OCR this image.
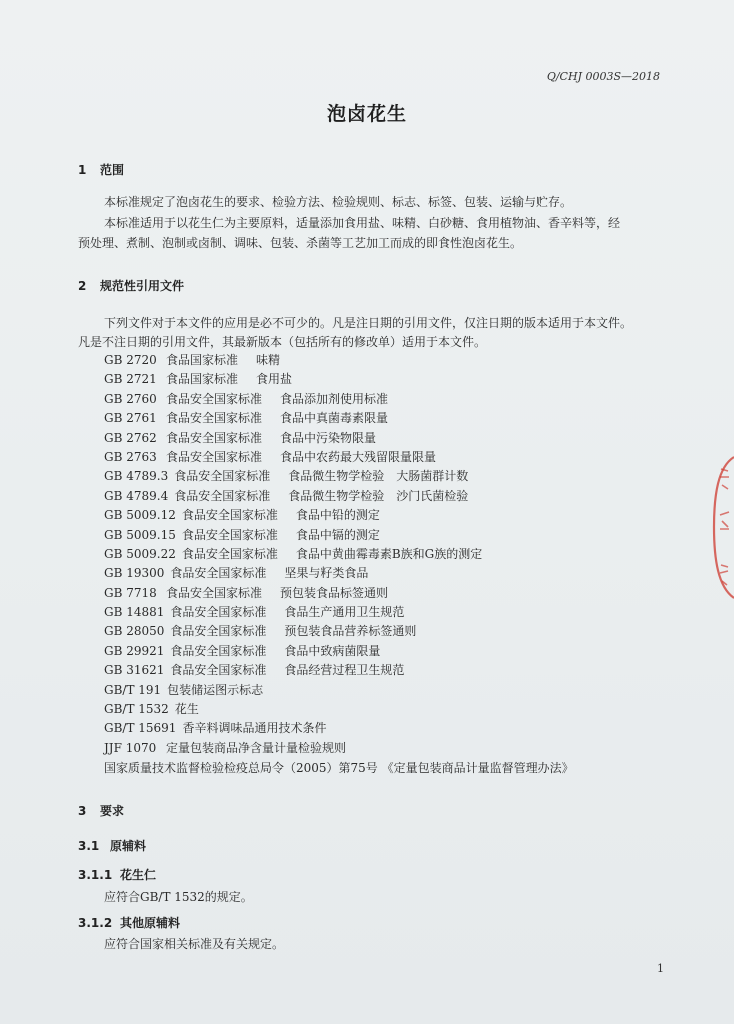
Q/CHJ 0003S—2018
泡卤花生
1 范围
本标准规定了泡卤花生的要求、检验方法、检验规则、标志、标签、包装、运输与贮存。
本标准适用于以花生仁为主要原料，适量添加食用盐、味精、白砂糖、食用植物油、香辛料等，经
预处理、煮制、泡制或卤制、调味、包装、杀菌等工艺加工而成的即食性泡卤花生。
2 规范性引用文件
下列文件对于本文件的应用是必不可少的。凡是注日期的引用文件，仅注日期的版本适用于本文件。
凡是不注日期的引用文件，其最新版本（包括所有的修改单）适用于本文件。
GB 2720 食品国家标准 味精
GB 2721 食品国家标准 食用盐
GB 2760 食品安全国家标准 食品添加剂使用标准
GB 2761 食品安全国家标准 食品中真菌毒素限量
GB 2762 食品安全国家标准 食品中污染物限量
GB 2763 食品安全国家标准 食品中农药最大残留限量限量
GB 4789.3 食品安全国家标准 食品微生物学检验　大肠菌群计数
GB 4789.4 食品安全国家标准 食品微生物学检验　沙门氏菌检验
GB 5009.12 食品安全国家标准 食品中铅的测定
GB 5009.15 食品安全国家标准 食品中镉的测定
GB 5009.22 食品安全国家标准 食品中黄曲霉毒素B族和G族的测定
GB 19300 食品安全国家标准 坚果与籽类食品
GB 7718 食品安全国家标准 预包装食品标签通则
GB 14881 食品安全国家标准 食品生产通用卫生规范
GB 28050 食品安全国家标准 预包装食品营养标签通则
GB 29921 食品安全国家标准 食品中致病菌限量
GB 31621 食品安全国家标准 食品经营过程卫生规范
GB/T 191 包装储运图示标志
GB/T 1532 花生
GB/T 15691 香辛料调味品通用技术条件
JJF 1070 定量包装商品净含量计量检验规则
国家质量技术监督检验检疫总局令（2005）第75号 《定量包装商品计量监督管理办法》
3 要求
3.1 原辅料
3.1.1 花生仁
应符合GB/T 1532的规定。
3.1.2 其他原辅料
应符合国家相关标准及有关规定。
1
